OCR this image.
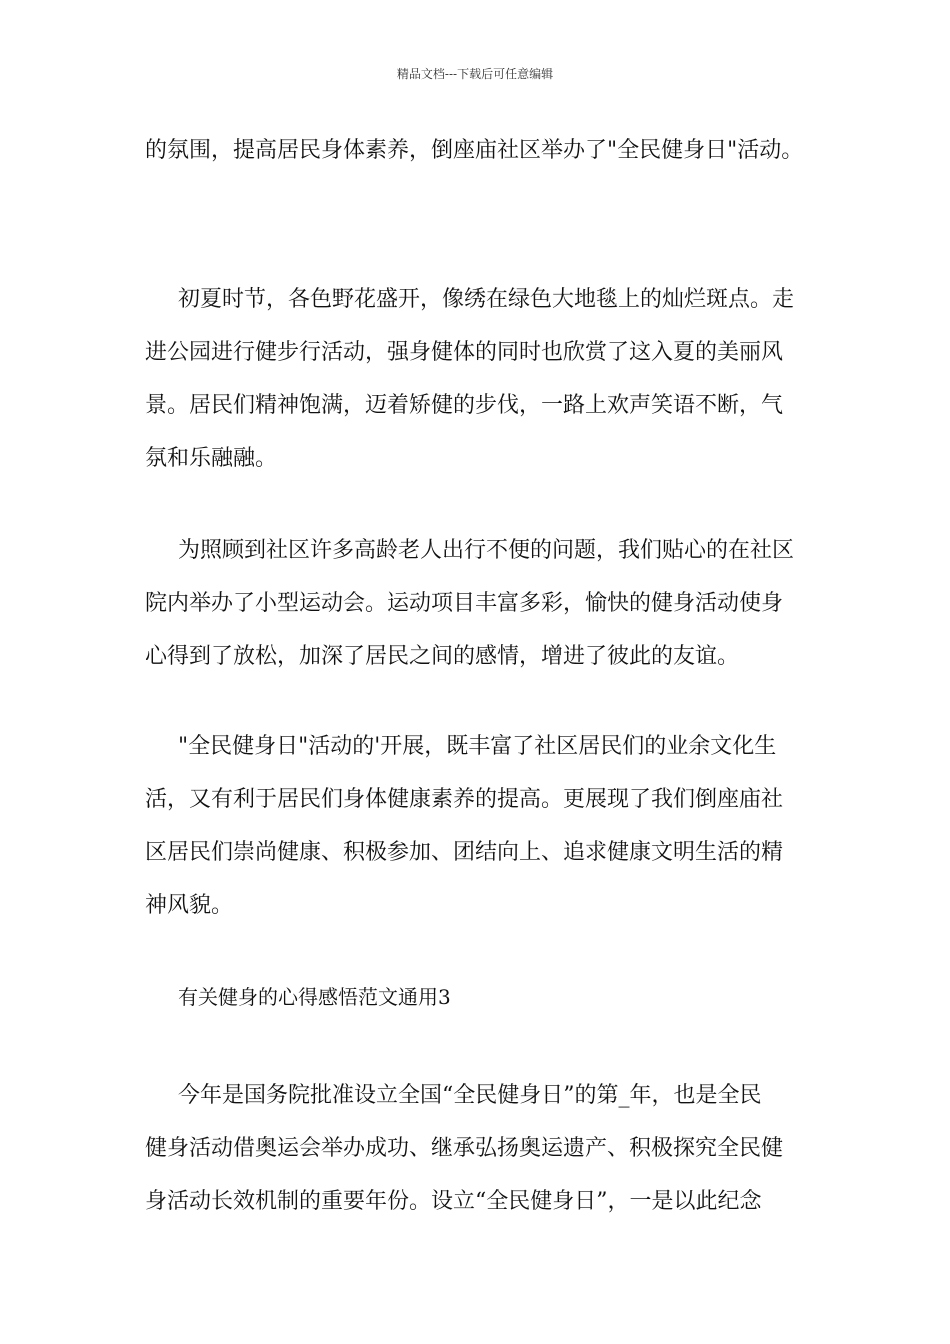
精品文档---下载后可任意编辑
的氛围，提高居民身体素养，倒座庙社区举办了"全民健身日"活动。
初夏时节，各色野花盛开，像绣在绿色大地毯上的灿烂斑点。走
进公园进行健步行活动，强身健体的同时也欣赏了这入夏的美丽风
景。居民们精神饱满，迈着矫健的步伐，一路上欢声笑语不断，气
氛和乐融融。
为照顾到社区许多高龄老人出行不便的问题，我们贴心的在社区
院内举办了小型运动会。运动项目丰富多彩，愉快的健身活动使身
心得到了放松，加深了居民之间的感情，增进了彼此的友谊。
"全民健身日"活动的'开展，既丰富了社区居民们的业余文化生
活，又有利于居民们身体健康素养的提高。更展现了我们倒座庙社
区居民们崇尚健康、积极参加、团结向上、追求健康文明生活的精
神风貌。
有关健身的心得感悟范文通用3
今年是国务院批准设立全国“全民健身日”的第_年，也是全民
健身活动借奥运会举办成功、继承弘扬奥运遗产、积极探究全民健
身活动长效机制的重要年份。设立“全民健身日”，一是以此纪念
